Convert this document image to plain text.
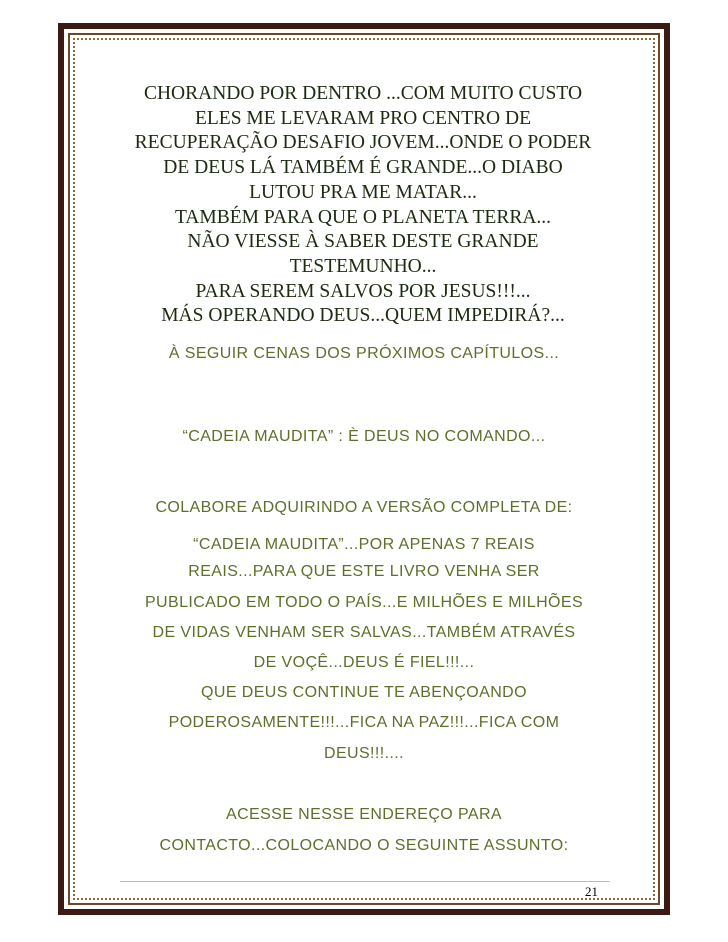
CHORANDO POR DENTRO ...COM MUITO CUSTO
ELES ME LEVARAM PRO CENTRO DE
RECUPERAÇÃO DESAFIO JOVEM...ONDE O PODER
DE DEUS LÁ TAMBÉM É GRANDE...O DIABO
LUTOU PRA ME MATAR...
TAMBÉM PARA QUE O PLANETA TERRA...
NÃO VIESSE À SABER DESTE GRANDE
TESTEMUNHO...
PARA SEREM SALVOS POR JESUS!!!...
MÁS OPERANDO DEUS...QUEM IMPEDIRÁ?...
À SEGUIR CENAS DOS PRÓXIMOS CAPÍTULOS...
“CADEIA MAUDITA” : È DEUS NO COMANDO...
COLABORE ADQUIRINDO A VERSÃO COMPLETA DE:
“CADEIA MAUDITA”...POR APENAS 7 REAIS
REAIS...PARA QUE ESTE LIVRO VENHA SER
PUBLICADO EM TODO O PAÍS...E MILHÕES E MILHÕES
DE VIDAS VENHAM SER SALVAS...TAMBÉM ATRAVÉS
DE VOÇÊ...DEUS É FIEL!!!...
QUE DEUS CONTINUE TE ABENÇOANDO
PODEROSAMENTE!!!...FICA NA PAZ!!!...FICA COM
DEUS!!!....
ACESSE NESSE ENDEREÇO PARA
CONTACTO...COLOCANDO O SEGUINTE ASSUNTO:
21
